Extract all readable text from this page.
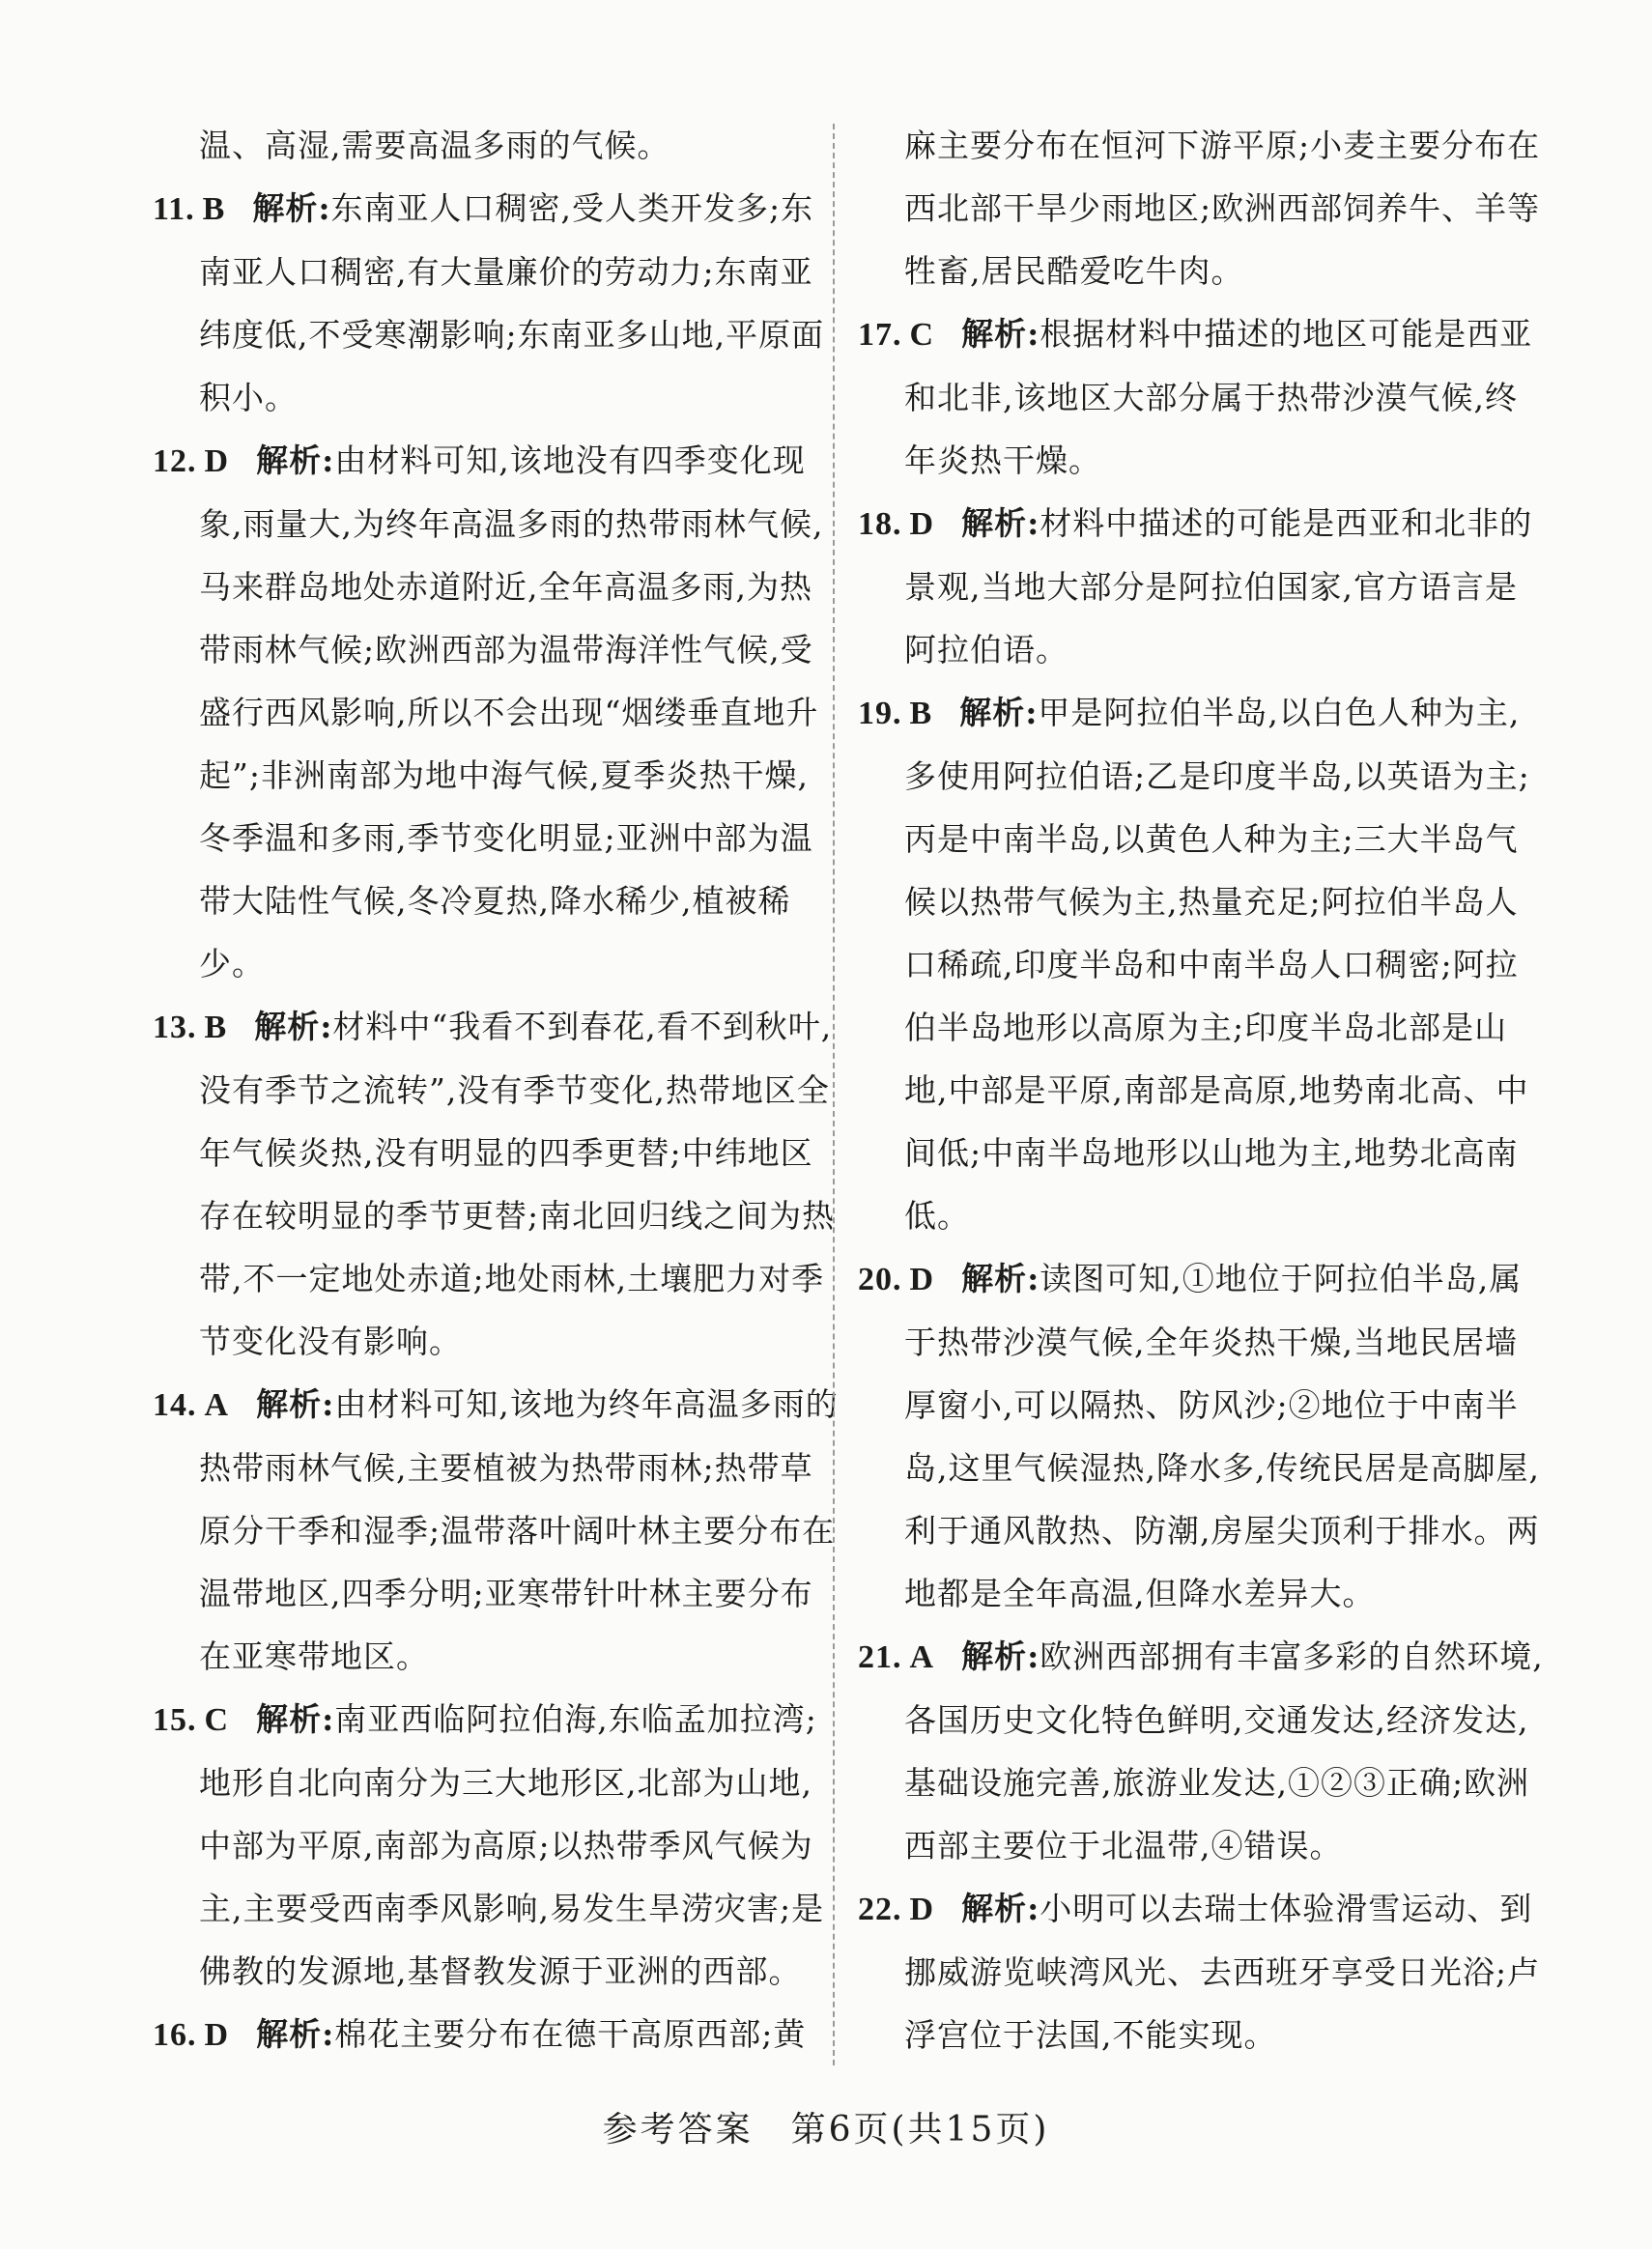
温、高湿,需要高温多雨的气候。

11. B 解析:东南亚人口稠密,受人类开发多;东南亚人口稠密,有大量廉价的劳动力;东南亚纬度低,不受寒潮影响;东南亚多山地,平原面积小。

12. D 解析:由材料可知,该地没有四季变化现象,雨量大,为终年高温多雨的热带雨林气候,马来群岛地处赤道附近,全年高温多雨,为热带雨林气候;欧洲西部为温带海洋性气候,受盛行西风影响,所以不会出现“烟缕垂直地升起”;非洲南部为地中海气候,夏季炎热干燥,冬季温和多雨,季节变化明显;亚洲中部为温带大陆性气候,冬冷夏热,降水稀少,植被稀少。

13. B 解析:材料中“我看不到春花,看不到秋叶,没有季节之流转”,没有季节变化,热带地区全年气候炎热,没有明显的四季更替;中纬地区存在较明显的季节更替;南北回归线之间为热带,不一定地处赤道;地处雨林,土壤肥力对季节变化没有影响。

14. A 解析:由材料可知,该地为终年高温多雨的热带雨林气候,主要植被为热带雨林;热带草原分干季和湿季;温带落叶阔叶林主要分布在温带地区,四季分明;亚寒带针叶林主要分布在亚寒带地区。

15. C 解析:南亚西临阿拉伯海,东临孟加拉湾;地形自北向南分为三大地形区,北部为山地,中部为平原,南部为高原;以热带季风气候为主,主要受西南季风影响,易发生旱涝灾害;是佛教的发源地,基督教发源于亚洲的西部。

16. D 解析:棉花主要分布在德干高原西部;黄

麻主要分布在恒河下游平原;小麦主要分布在西北部干旱少雨地区;欧洲西部饲养牛、羊等牲畜,居民酷爱吃牛肉。

17. C 解析:根据材料中描述的地区可能是西亚和北非,该地区大部分属于热带沙漠气候,终年炎热干燥。

18. D 解析:材料中描述的可能是西亚和北非的景观,当地大部分是阿拉伯国家,官方语言是阿拉伯语。

19. B 解析:甲是阿拉伯半岛,以白色人种为主,多使用阿拉伯语;乙是印度半岛,以英语为主;丙是中南半岛,以黄色人种为主;三大半岛气候以热带气候为主,热量充足;阿拉伯半岛人口稀疏,印度半岛和中南半岛人口稠密;阿拉伯半岛地形以高原为主;印度半岛北部是山地,中部是平原,南部是高原,地势南北高、中间低;中南半岛地形以山地为主,地势北高南低。

20. D 解析:读图可知,①地位于阿拉伯半岛,属于热带沙漠气候,全年炎热干燥,当地民居墙厚窗小,可以隔热、防风沙;②地位于中南半岛,这里气候湿热,降水多,传统民居是高脚屋,利于通风散热、防潮,房屋尖顶利于排水。两地都是全年高温,但降水差异大。

21. A 解析:欧洲西部拥有丰富多彩的自然环境,各国历史文化特色鲜明,交通发达,经济发达,基础设施完善,旅游业发达,①②③正确;欧洲西部主要位于北温带,④错误。

22. D 解析:小明可以去瑞士体验滑雪运动、到挪威游览峡湾风光、去西班牙享受日光浴;卢浮宫位于法国,不能实现。

参考答案　第6页(共15页)
